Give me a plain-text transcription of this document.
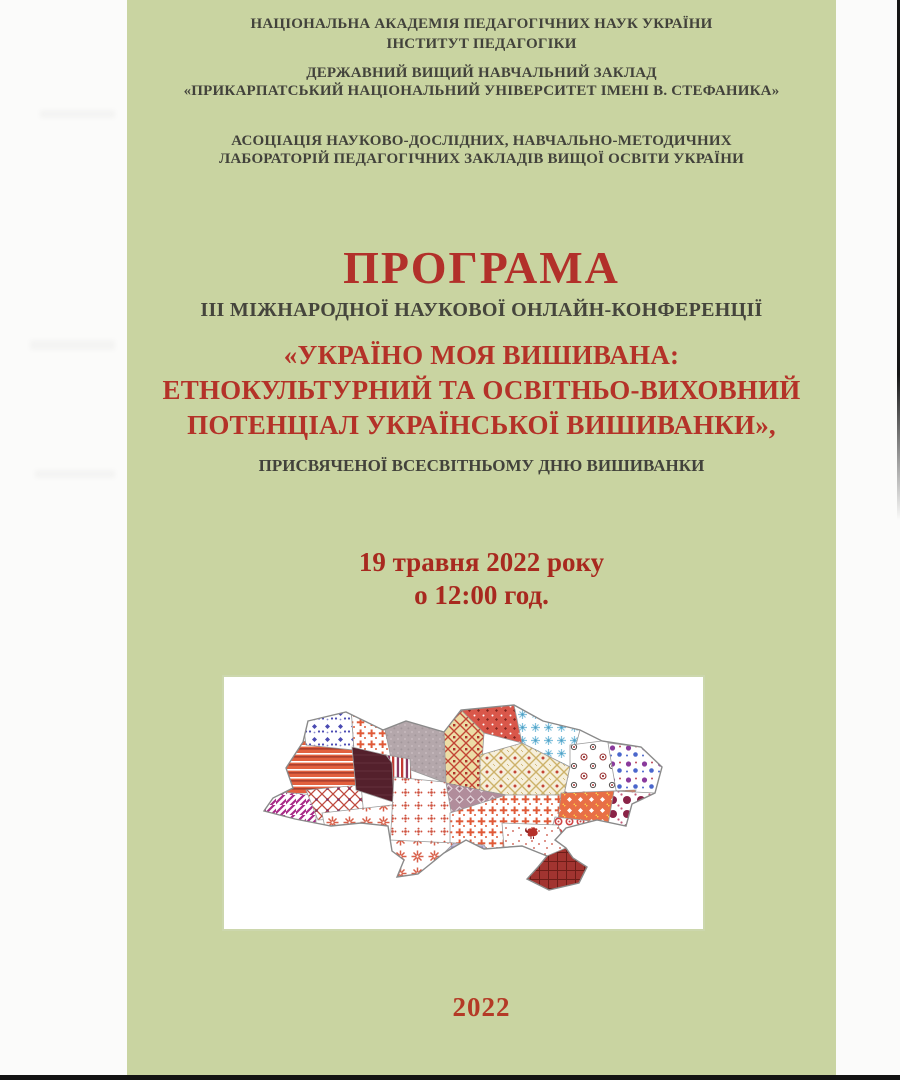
НАЦІОНАЛЬНА АКАДЕМІЯ ПЕДАГОГІЧНИХ НАУК УКРАЇНИ
ІНСТИТУТ ПЕДАГОГІКИ
ДЕРЖАВНИЙ ВИЩИЙ НАВЧАЛЬНИЙ ЗАКЛАД
«ПРИКАРПАТСЬКИЙ НАЦІОНАЛЬНИЙ УНІВЕРСИТЕТ ІМЕНІ В. СТЕФАНИКА»
АСОЦІАЦІЯ НАУКОВО-ДОСЛІДНИХ, НАВЧАЛЬНО-МЕТОДИЧНИХ
ЛАБОРАТОРІЙ ПЕДАГОГІЧНИХ ЗАКЛАДІВ ВИЩОЇ ОСВІТИ УКРАЇНИ
ПРОГРАМА
ІІІ МІЖНАРОДНОЇ НАУКОВОЇ ОНЛАЙН-КОНФЕРЕНЦІЇ
«УКРАЇНО МОЯ ВИШИВАНА:
ЕТНОКУЛЬТУРНИЙ ТА ОСВІТНЬО-ВИХОВНИЙ
ПОТЕНЦІАЛ УКРАЇНСЬКОЇ ВИШИВАНКИ»,
ПРИСВЯЧЕНОЇ ВСЕСВІТНЬОМУ ДНЮ ВИШИВАНКИ
19 травня 2022 року
о 12:00 год.
2022
